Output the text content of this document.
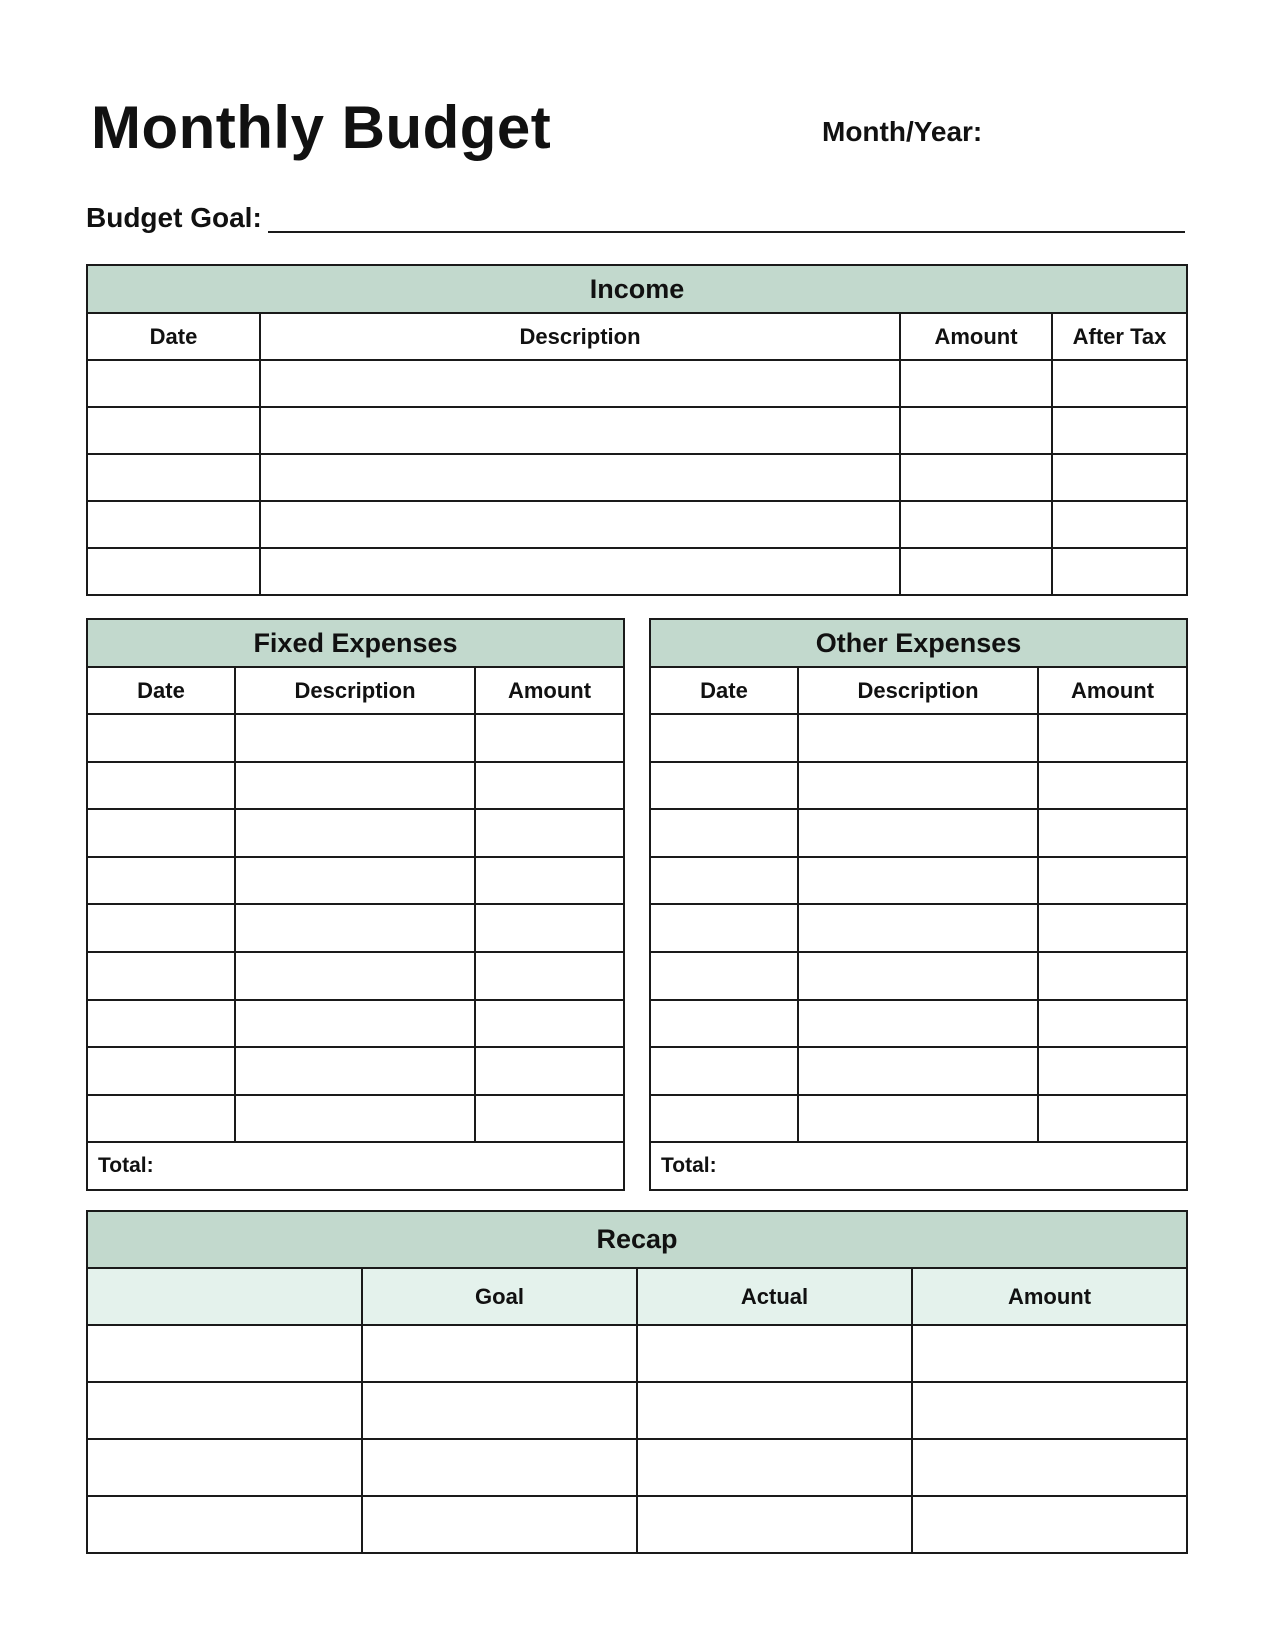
Monthly Budget	Month/Year:
Budget Goal:
Income			
Date	Description	Amount	After Tax

Fixed Expenses		
Date	Description	Amount

Total:		
Other Expenses		
Date	Description	Amount

Total:		
Recap			
	Goal	Actual	Amount
